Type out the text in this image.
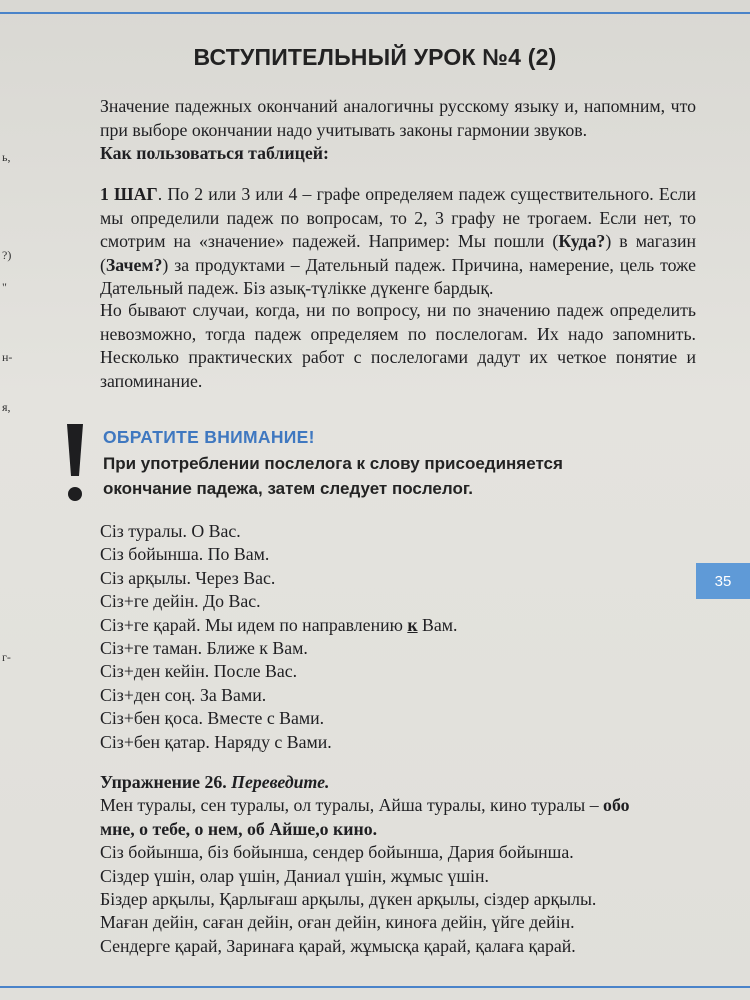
ь,
?)
"
н-
я,
г-
ВСТУПИТЕЛЬНЫЙ УРОК №4 (2)
Значение падежных окончаний аналогичны русскому языку и, напомним, что при выборе окончании надо учитывать законы гармонии звуков.
Как пользоваться таблицей:
1 ШАГ. По 2 или 3 или 4 – графе определяем падеж существительного. Если мы определили падеж по вопросам, то 2, 3 графу не трогаем. Если нет, то смотрим на «значение» падежей. Например: Мы пошли (Куда?) в магазин (Зачем?) за продуктами – Дательный падеж. Причина, намерение, цель тоже Дательный падеж. Біз азық-түлікке дүкенге бардық.
Но бывают случаи, когда, ни по вопросу, ни по значению падеж определить невозможно, тогда падеж определяем по послелогам. Их надо запомнить. Несколько практических работ с послелогами дадут их четкое понятие и запоминание.
ОБРАТИТЕ ВНИМАНИЕ!
При употреблении послелога к слову присоединяется
окончание падежа, затем следует послелог.
Сіз туралы. О Вас.
Сіз бойынша. По Вам.
Сіз арқылы. Через Вас.
Сіз+ге дейін. До Вас.
Сіз+ге қарай. Мы идем по направлению к Вам.
Сіз+ге таман. Ближе к Вам.
Сіз+ден кейін. После Вас.
Сіз+ден соң. За Вами.
Сіз+бен қоса. Вместе с Вами.
Сіз+бен қатар. Наряду с Вами.
Упражнение 26. Переведите.
Мен туралы, сен туралы, ол туралы, Айша туралы, кино туралы – обо
мне, о тебе, о нем, об Айше,о кино.
Сіз бойынша, біз бойынша, сендер бойынша, Дария бойынша.
Сіздер үшін, олар үшін, Даниал үшін, жұмыс үшін.
Біздер арқылы, Қарлығаш арқылы, дүкен арқылы, сіздер арқылы.
Маған дейін, саған дейін, оған дейін, киноға дейін, үйге дейін.
Сендерге қарай, Заринаға қарай, жұмысқа қарай, қалаға қарай.
35
